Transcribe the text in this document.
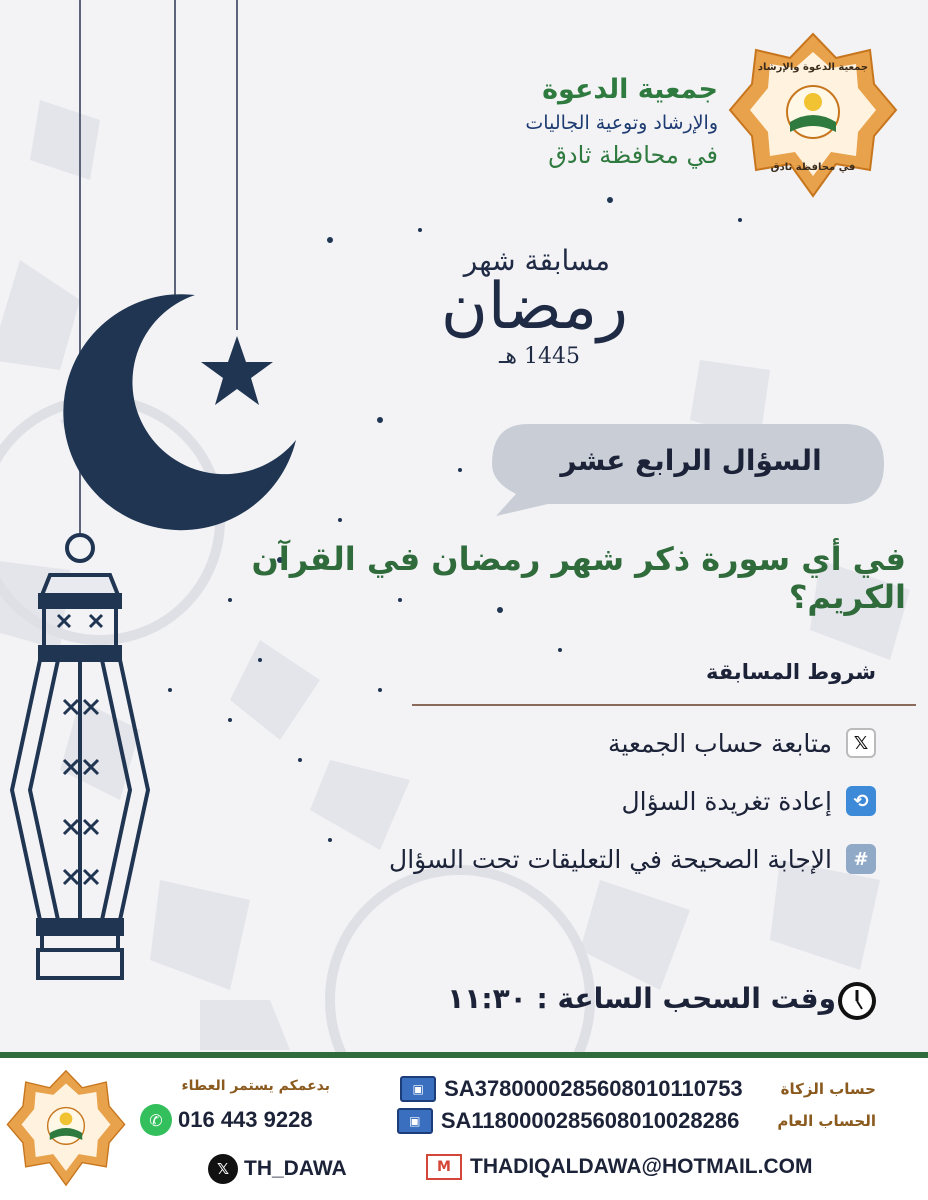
جمعية الدعوة
والإرشاد وتوعية الجاليات
في محافظة ثادق
جمعية الدعوة والإرشاد
في محافظة ثادق
مسابقة شهر
رمضان
1445 هـ
السؤال الرابع عشر
في أي سورة ذكر شهر رمضان في القرآن الكريم؟
شروط المسابقة
𝕏
متابعة حساب الجمعية
⟲
إعادة تغريدة السؤال
#
الإجابة الصحيحة في التعليقات تحت السؤال
وقت السحب الساعة : ١١:٣٠
بدعمكم يستمر العطاء
✆ 016 443 9228
▣ SA3780000285608010110753	حساب الزكاة
▣ SA1180000285608010028286	الحساب العام
𝕏 TH_DAWA	M THADIQALDAWA@HOTMAIL.COM
